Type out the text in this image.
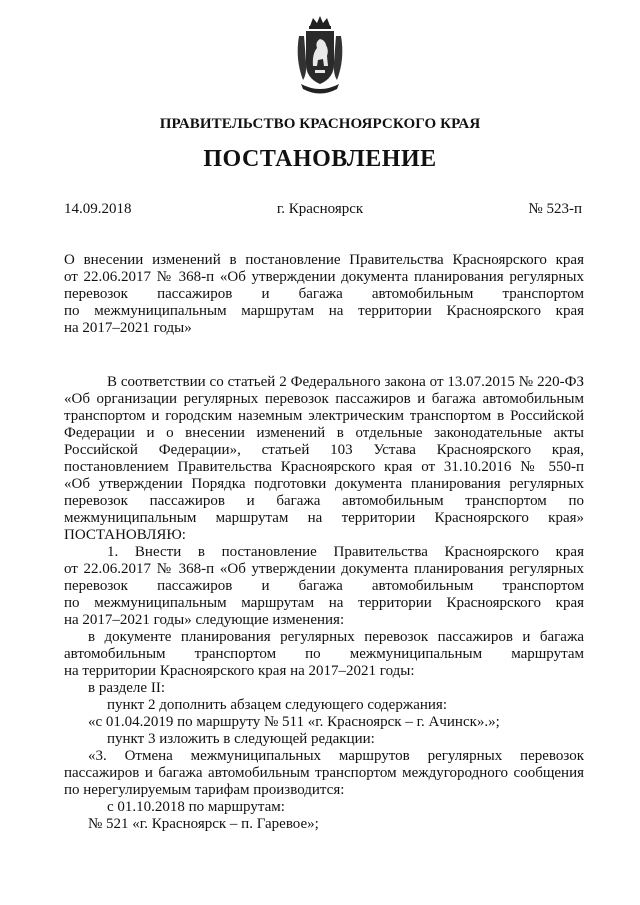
ПРАВИТЕЛЬСТВО КРАСНОЯРСКОГО КРАЯ
ПОСТАНОВЛЕНИЕ
14.09.2018	г. Красноярск	№ 523-п

О внесении изменений в постановление Правительства Красноярского края

от 22.06.2017 № 368-п «Об утверждении документа планирования регулярных

перевозок пассажиров и багажа автомобильным транспортом

по межмуниципальным маршрутам на территории Красноярского края

на 2017–2021 годы»

В соответствии со статьей 2 Федерального закона от 13.07.2015 № 220-ФЗ

«Об организации регулярных перевозок пассажиров и багажа автомобильным

транспортом и городским наземным электрическим транспортом в Российской

Федерации и о внесении изменений в отдельные законодательные акты

Российской Федерации», статьей 103 Устава Красноярского края,

постановлением Правительства Красноярского края от 31.10.2016 № 550-п

«Об утверждении Порядка подготовки документа планирования регулярных

перевозок пассажиров и багажа автомобильным транспортом по

межмуниципальным маршрутам на территории Красноярского края»

ПОСТАНОВЛЯЮ:

1. Внести в постановление Правительства Красноярского края

от 22.06.2017 № 368-п «Об утверждении документа планирования регулярных

перевозок пассажиров и багажа автомобильным транспортом

по межмуниципальным маршрутам на территории Красноярского края

на 2017–2021 годы» следующие изменения:

в документе планирования регулярных перевозок пассажиров и багажа

автомобильным транспортом по межмуниципальным маршрутам

на территории Красноярского края на 2017–2021 годы:

в разделе II:

пункт 2 дополнить абзацем следующего содержания:

«с 01.04.2019 по маршруту № 511 «г. Красноярск – г. Ачинск».»;

пункт 3 изложить в следующей редакции:

«3. Отмена межмуниципальных маршрутов регулярных перевозок

пассажиров и багажа автомобильным транспортом междугородного сообщения

по нерегулируемым тарифам производится:

с 01.10.2018 по маршрутам:

№ 521 «г. Красноярск – п. Гаревое»;
